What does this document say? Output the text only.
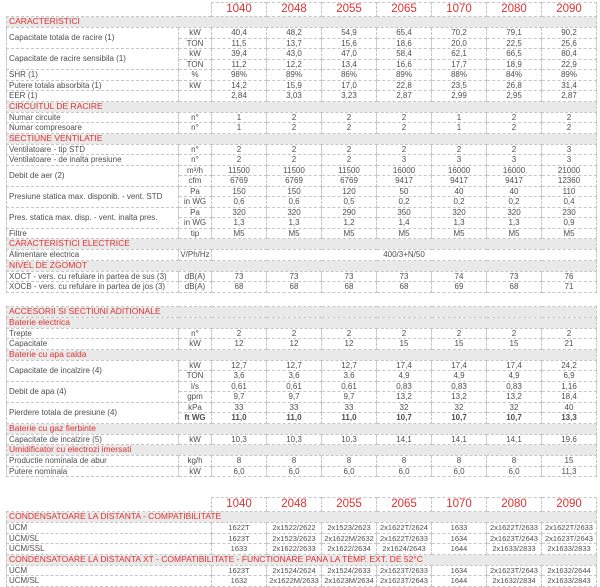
		1040	2048	2055	2065	1070	2080	2090
CARACTERISTICI								
Capacitate totala de racire (1)	kW	40,4	48,2	54,9	65,4	70,2	79,1	90,2
	TON	11,5	13,7	15,6	18,6	20,0	22,5	25,6
Capacitate de racire sensibila (1)	kW	39,4	43,0	47,0	58,4	62,1	66,5	80,4
	TON	11,2	12,2	13,4	16,6	17,7	18,9	22,9
SHR (1)	%	98%	89%	86%	89%	88%	84%	89%
Putere totala absorbita (1)	kW	14,2	15,9	17,0	22,8	23,5	26,8	31,4
EER (1)		2,84	3,03	3,23	2,87	2,99	2,95	2,87
CIRCUITUL DE RACIRE								
Numar circuite	n°	1	2	2	2	1	2	2
Numar compresoare	n°	1	2	2	2	1	2	2
SECTIUNE VENTILATIE								
Ventilatoare - tip STD	n°	2	2	2	2	2	2	3
Ventilatoare - de inalta presiune	n°	2	2	2	3	3	3	3
Debit de aer (2)	m³/h	11500	11500	11500	16000	16000	16000	21000
	cfm	6769	6769	6769	9417	9417	9417	12360
Presiune statica max. disponib. - vent. STD	Pa	150	150	120	50	40	40	110
	in WG	0,6	0,6	0,5	0,2	0,2	0,2	0,4
Pres. statica max. disp. - vent. inalta pres.	Pa	320	320	290	350	320	320	230
	in WG	1,3	1,3	1,2	1,4	1,3	1,3	0,9
Filtre	tip	M5	M5	M5	M5	M5	M5	M5
CARACTERISTICI ELECTRICE								
Alimentare electrica	V/Ph/Hz	400/3+N/50						
NIVEL DE ZGOMOT								
XOCT - vers. cu refulare in partea de sus (3)	dB(A)	73	73	73	73	74	73	76
XOCB - vers. cu refulare in partea de jos (3)	dB(A)	68	68	68	68	69	68	71

ACCESORII SI SECTIUNI ADITIONALE								
Baterie electrica								
Trepte	n°	2	2	2	2	2	2	2
Capacitate	kW	12	12	12	15	15	15	21
Baterie cu apa calda								
Capacitate de incalzire (4)	kW	12,7	12,7	12,7	17,4	17,4	17,4	24,2
	TON	3,6	3,6	3,6	4,9	4,9	4,9	6,9
Debit de apa (4)	l/s	0,61	0,61	0,61	0,83	0,83	0,83	1,16
	gpm	9,7	9,7	9,7	13,2	13,2	13,2	18,4
Pierdere totala de presiune (4)	kPa	33	33	33	32	32	32	40
	ft WG	11,0	11,0	11,0	10,7	10,7	10,7	13,3
Baterie cu gaz fierbinte								
Capacitate de incalzire (5)	kW	10,3	10,3	10,3	14,1	14,1	14,1	19,6
Umidificator cu electrozi imersati								
Productie nominala de abur	kg/h	8	8	8	8	8	8	15
Putere nominala	kW	6,0	6,0	6,0	6,0	6,0	6,0	11,3
	1040	2048	2055	2065	1070	2080	2090
CONDENSATOARE LA DISTANTA - COMPATIBILITATE							
UCM	1622T	2x1522/2622	2x1523/2623	2x1622T/2624	1633	2x1622T/2633	2x1622T/2633
UCM/SL	1623T	2x1523/2623	2x1622M/2632	2x1622T/2633	1634	2x1623T/2643	2x1623T/2643
UCM/SSL	1633	2x1622/2633	2x1622/2634	2x1624/2643	1644	2x1633/2833	2x1633/2833
CONDENSATOARE LA DISTANTA XT - COMPATIBILITATE - FUNCTIONARE PANA LA TEMP. EXT. DE 52°C							
UCM	1623T	2x1524/2624	2x1524/2633	2x1623T/2633	1634	2x1623T/2643	2x1632/2644
UCM/SL	1632	2x1622M/2633	2x1623M/2634	2x1623T/2643	1644	2x1632/2834	2x1633/2843
